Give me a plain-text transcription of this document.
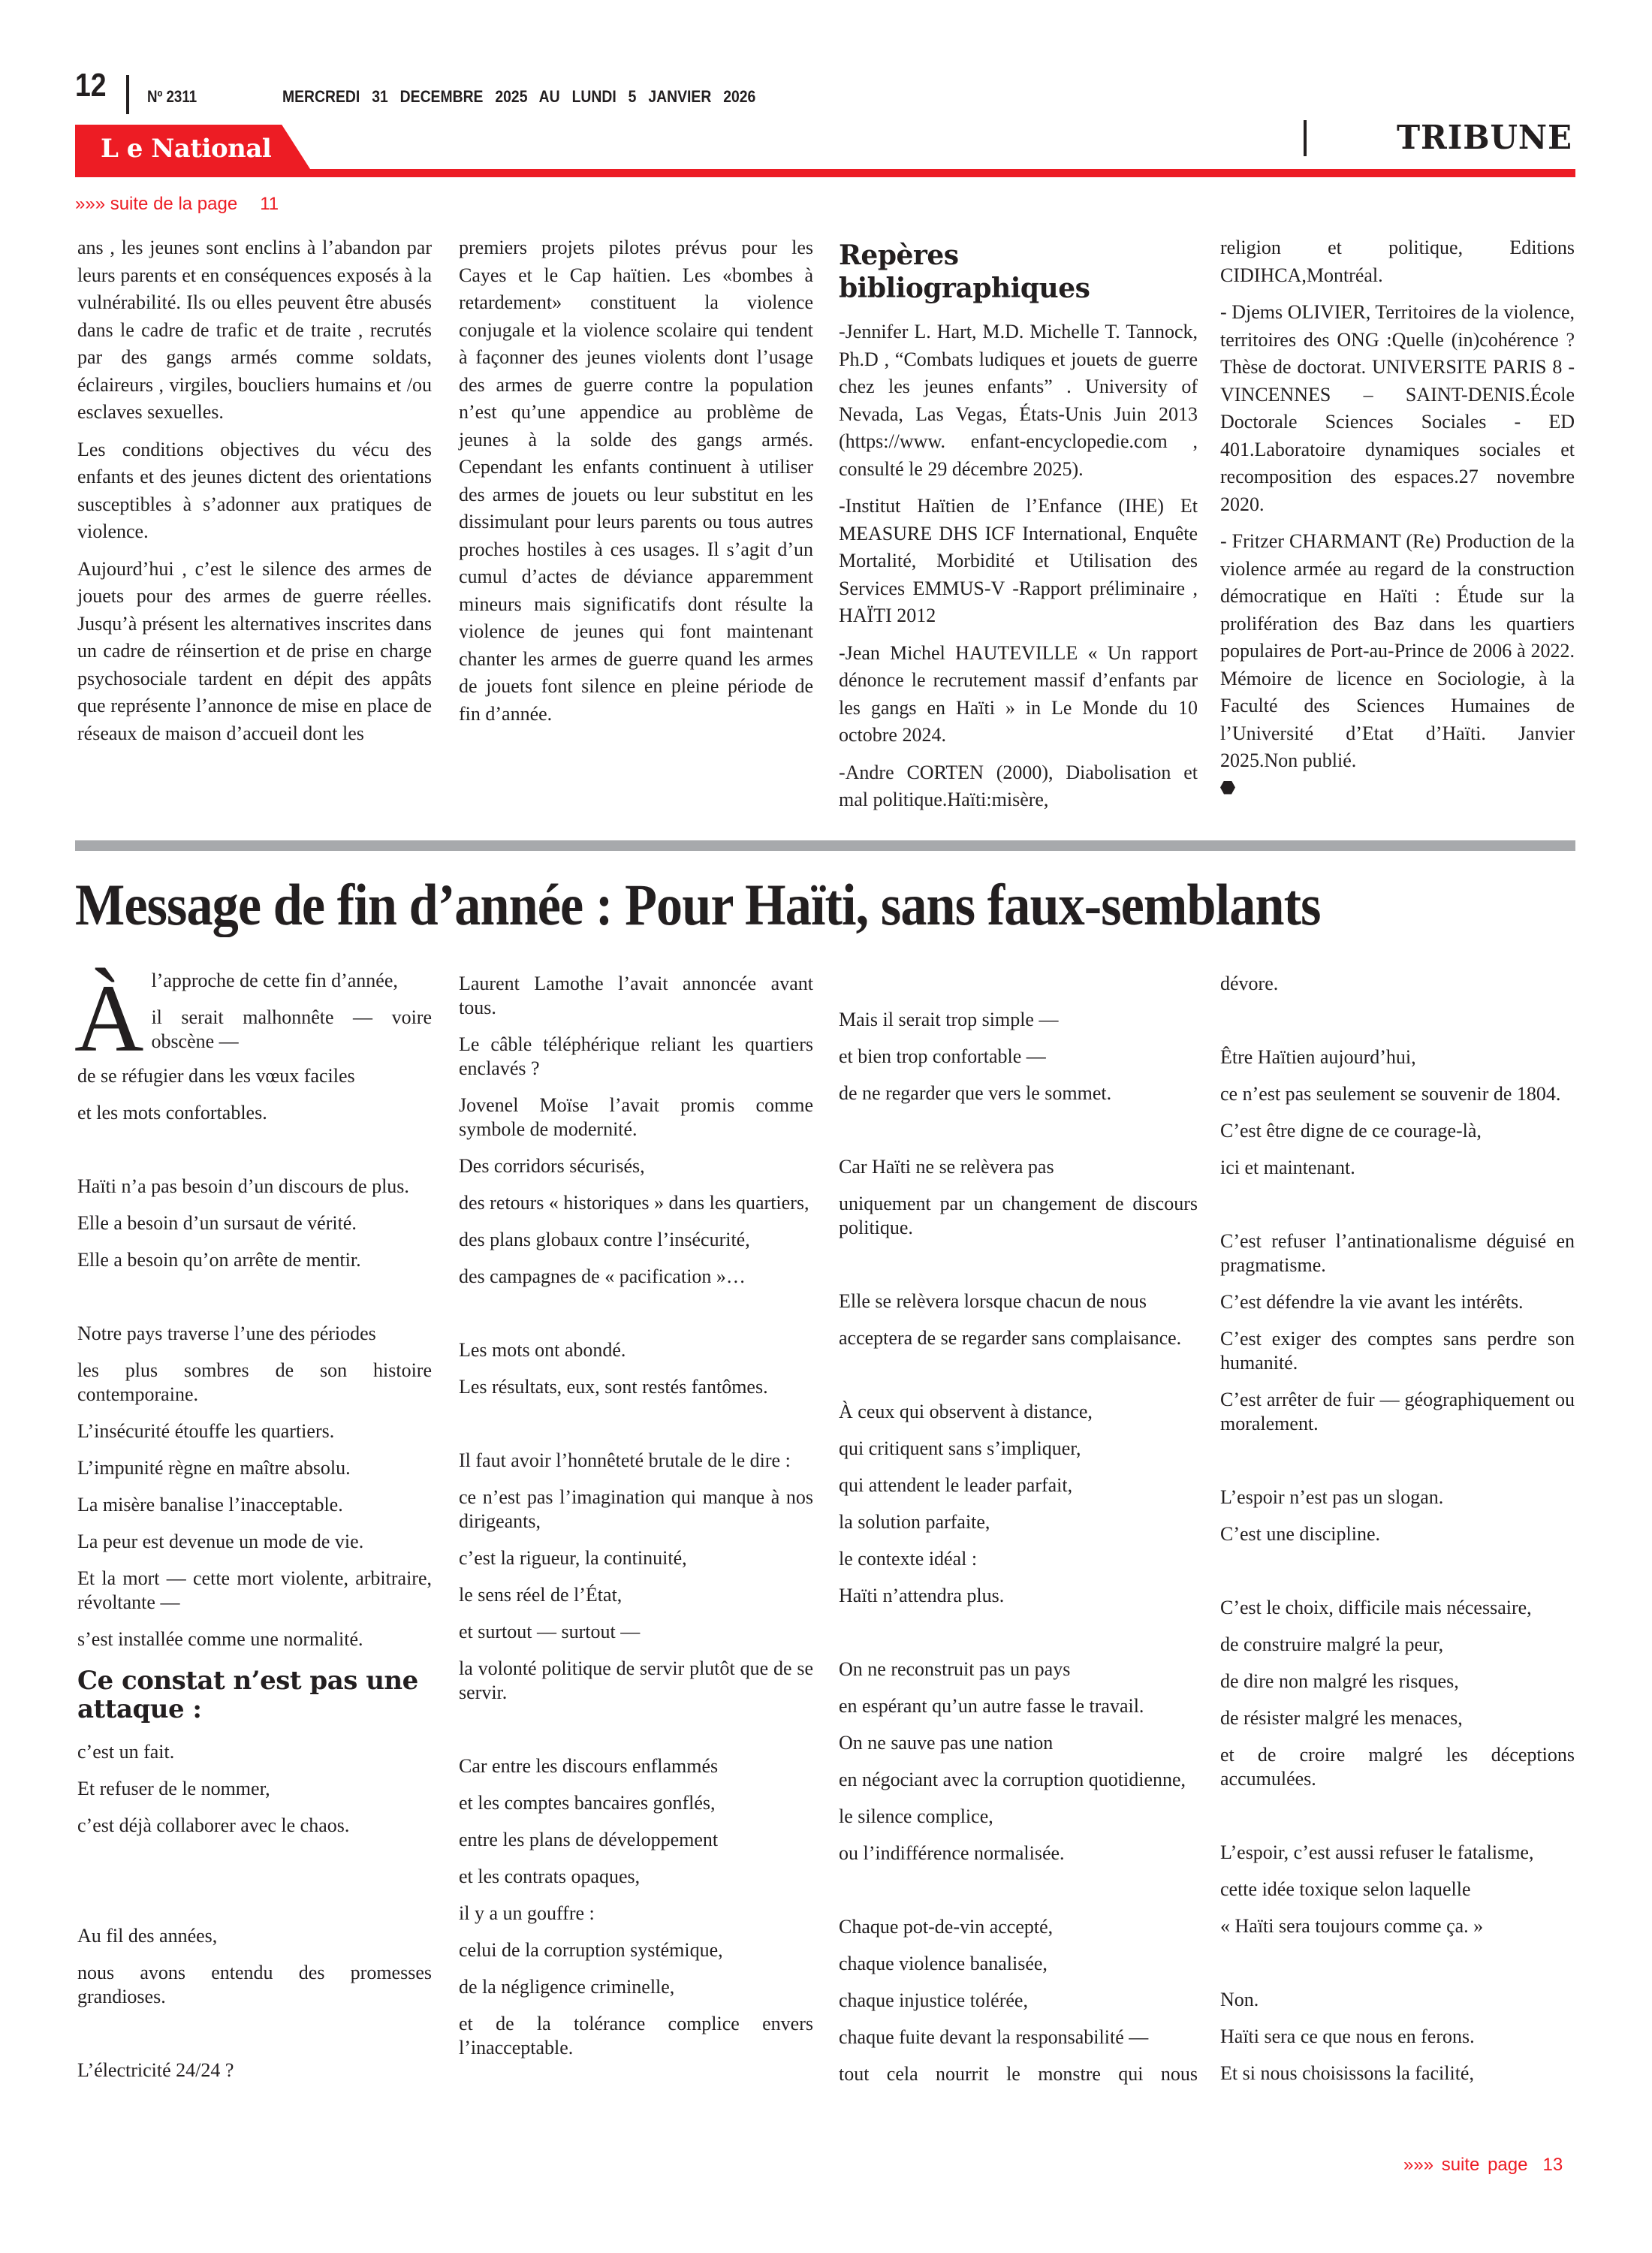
12 Nº 2311	MERCREDI 31 DECEMBRE 2025 AU LUNDI 5 JANVIER 2026
L e National	TRIBUNE
»»» suite de la page 11

ans , les jeunes sont enclins à l’abandon par leurs parents et en conséquences exposés à la vulnérabilité. Ils ou elles peuvent être abusés dans le cadre de trafic et de traite , recrutés par des gangs armés comme soldats, éclaireurs , virgiles, boucliers humains et /ou esclaves sexuelles.

Les conditions objectives du vécu des enfants et des jeunes dictent des orientations susceptibles à s’adonner aux pratiques de violence.

Aujourd’hui , c’est le silence des armes de jouets pour des armes de guerre réelles. Jusqu’à présent les alternatives inscrites dans un cadre de réinsertion et de prise en charge psychosociale tardent en dépit des appâts que représente l’annonce de mise en place de réseaux de maison d’accueil dont les

premiers projets pilotes prévus pour les Cayes et le Cap haïtien. Les «bombes à retardement» constituent la violence conjugale et la violence scolaire qui tendent à façonner des jeunes violents dont l’usage des armes de guerre contre la population n’est qu’une appendice au problème de jeunes à la solde des gangs armés. Cependant les enfants continuent à utiliser des armes de jouets ou leur substitut en les dissimulant pour leurs parents ou tous autres proches hostiles à ces usages. Il s’agit d’un cumul d’actes de déviance apparemment mineurs mais significatifs dont résulte la violence de jeunes qui font maintenant chanter les armes de guerre quand les armes de jouets font silence en pleine période de fin d’année.

Repères bibliographiques

-Jennifer L. Hart, M.D. Michelle T. Tannock, Ph.D , “Combats ludiques et jouets de guerre chez les jeunes enfants” . University of Nevada, Las Vegas, États-Unis Juin 2013 (https://www. enfant-encyclopedie.com , consulté le 29 décembre 2025).

-Institut Haïtien de l’Enfance (IHE) Et MEASURE DHS ICF International, Enquête Mortalité, Morbidité et Utilisation des Services EMMUS-V -Rapport préliminaire , HAÏTI 2012

-Jean Michel HAUTEVILLE « Un rapport dénonce le recrutement massif d’enfants par les gangs en Haïti » in Le Monde du 10 octobre 2024.

-Andre CORTEN (2000), Diabolisation et mal politique.Haïti:misère,

religion et politique, Editions CIDIHCA,Montréal.

- Djems OLIVIER, Territoires de la violence, territoires des ONG :Quelle (in)cohérence ?Thèse de doctorat. UNIVERSITE PARIS 8 - VINCENNES – SAINT-DENIS.École Doctorale Sciences Sociales - ED 401.Laboratoire dynamiques sociales et recomposition des espaces.27 novembre 2020.

- Fritzer CHARMANT (Re) Production de la violence armée au regard de la construction démocratique en Haïti : Étude sur la prolifération des Baz dans les quartiers populaires de Port-au-Prince de 2006 à 2022. Mémoire de licence en Sociologie, à la Faculté des Sciences Humaines de l’Université d’Etat d’Haïti. Janvier 2025.Non publié.

Message de fin d’année : Pour Haïti, sans faux-semblants
À l’approche de cette fin d’année,
il serait malhonnête — voire obscène —
de se réfugier dans les vœux faciles
et les mots confortables.
Haïti n’a pas besoin d’un discours de plus.
Elle a besoin d’un sursaut de vérité.
Elle a besoin qu’on arrête de mentir.
Notre pays traverse l’une des périodes
les plus sombres de son histoire contemporaine.
L’insécurité étouffe les quartiers.
L’impunité règne en maître absolu.
La misère banalise l’inacceptable.
La peur est devenue un mode de vie.
Et la mort — cette mort violente, arbitraire, révoltante —
s’est installée comme une normalité.
Ce constat n’est pas une attaque :
c’est un fait.
Et refuser de le nommer,
c’est déjà collaborer avec le chaos.
Au fil des années,
nous avons entendu des promesses grandioses.
L’électricité 24/24 ?
Laurent Lamothe l’avait annoncée avant tous.
Le câble téléphérique reliant les quartiers enclavés ?
Jovenel Moïse l’avait promis comme symbole de modernité.
Des corridors sécurisés,
des retours « historiques » dans les quartiers,
des plans globaux contre l’insécurité,
des campagnes de « pacification »…
Les mots ont abondé.
Les résultats, eux, sont restés fantômes.
Il faut avoir l’honnêteté brutale de le dire :
ce n’est pas l’imagination qui manque à nos dirigeants,
c’est la rigueur, la continuité,
le sens réel de l’État,
et surtout — surtout —
la volonté politique de servir plutôt que de se servir.
Car entre les discours enflammés
et les comptes bancaires gonflés,
entre les plans de développement
et les contrats opaques,
il y a un gouffre :
celui de la corruption systémique,
de la négligence criminelle,
et de la tolérance complice envers l’inacceptable.
Mais il serait trop simple —
et bien trop confortable —
de ne regarder que vers le sommet.
Car Haïti ne se relèvera pas
uniquement par un changement de discours politique.
Elle se relèvera lorsque chacun de nous
acceptera de se regarder sans complaisance.
À ceux qui observent à distance,
qui critiquent sans s’impliquer,
qui attendent le leader parfait,
la solution parfaite,
le contexte idéal :
Haïti n’attendra plus.
On ne reconstruit pas un pays
en espérant qu’un autre fasse le travail.
On ne sauve pas une nation
en négociant avec la corruption quotidienne,
le silence complice,
ou l’indifférence normalisée.
Chaque pot-de-vin accepté,
chaque violence banalisée,
chaque injustice tolérée,
chaque fuite devant la responsabilité —
tout cela nourrit le monstre qui nous
dévore.
Être Haïtien aujourd’hui,
ce n’est pas seulement se souvenir de 1804.
C’est être digne de ce courage-là,
ici et maintenant.
C’est refuser l’antinationalisme déguisé en pragmatisme.
C’est défendre la vie avant les intérêts.
C’est exiger des comptes sans perdre son humanité.
C’est arrêter de fuir — géographiquement ou moralement.
L’espoir n’est pas un slogan.
C’est une discipline.
C’est le choix, difficile mais nécessaire,
de construire malgré la peur,
de dire non malgré les risques,
de résister malgré les menaces,
et de croire malgré les déceptions accumulées.
L’espoir, c’est aussi refuser le fatalisme,
cette idée toxique selon laquelle
« Haïti sera toujours comme ça. »
Non.
Haïti sera ce que nous en ferons.
Et si nous choisissons la facilité,
»»» suite page 13
